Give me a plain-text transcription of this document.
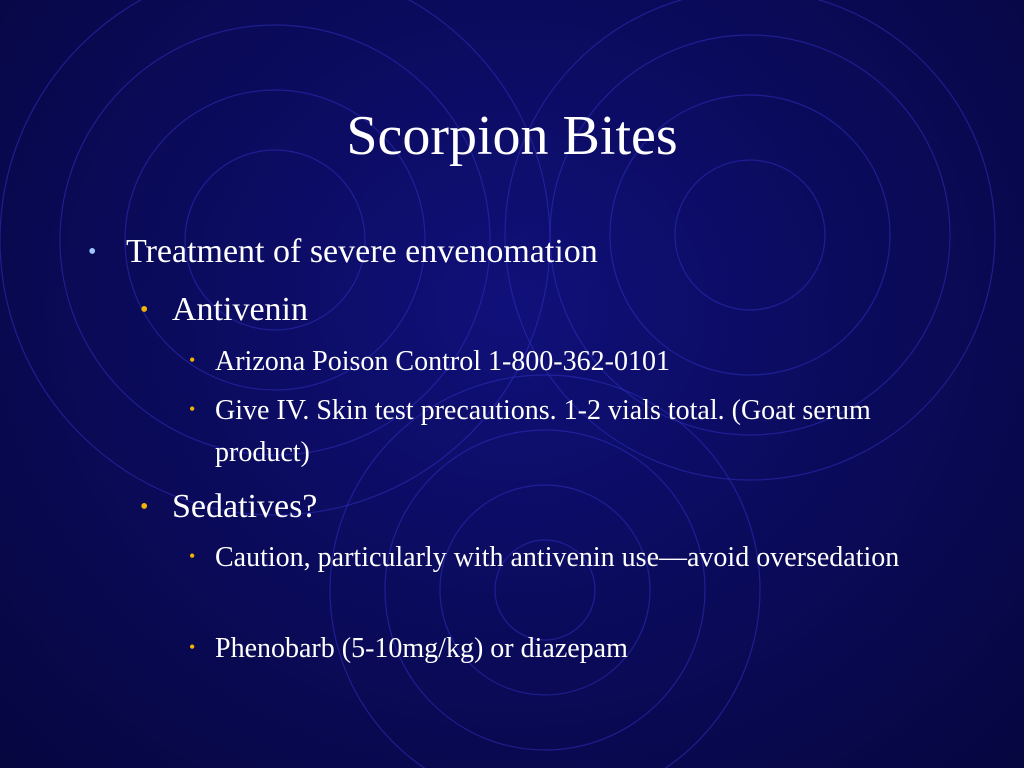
Scorpion Bites
• Treatment of severe envenomation
• Antivenin
• Arizona Poison Control 1-800-362-0101
• Give IV. Skin test precautions. 1-2 vials total. (Goat serum product)
• Sedatives?
• Caution, particularly with antivenin use—avoid oversedation
• Phenobarb (5-10mg/kg) or diazepam
